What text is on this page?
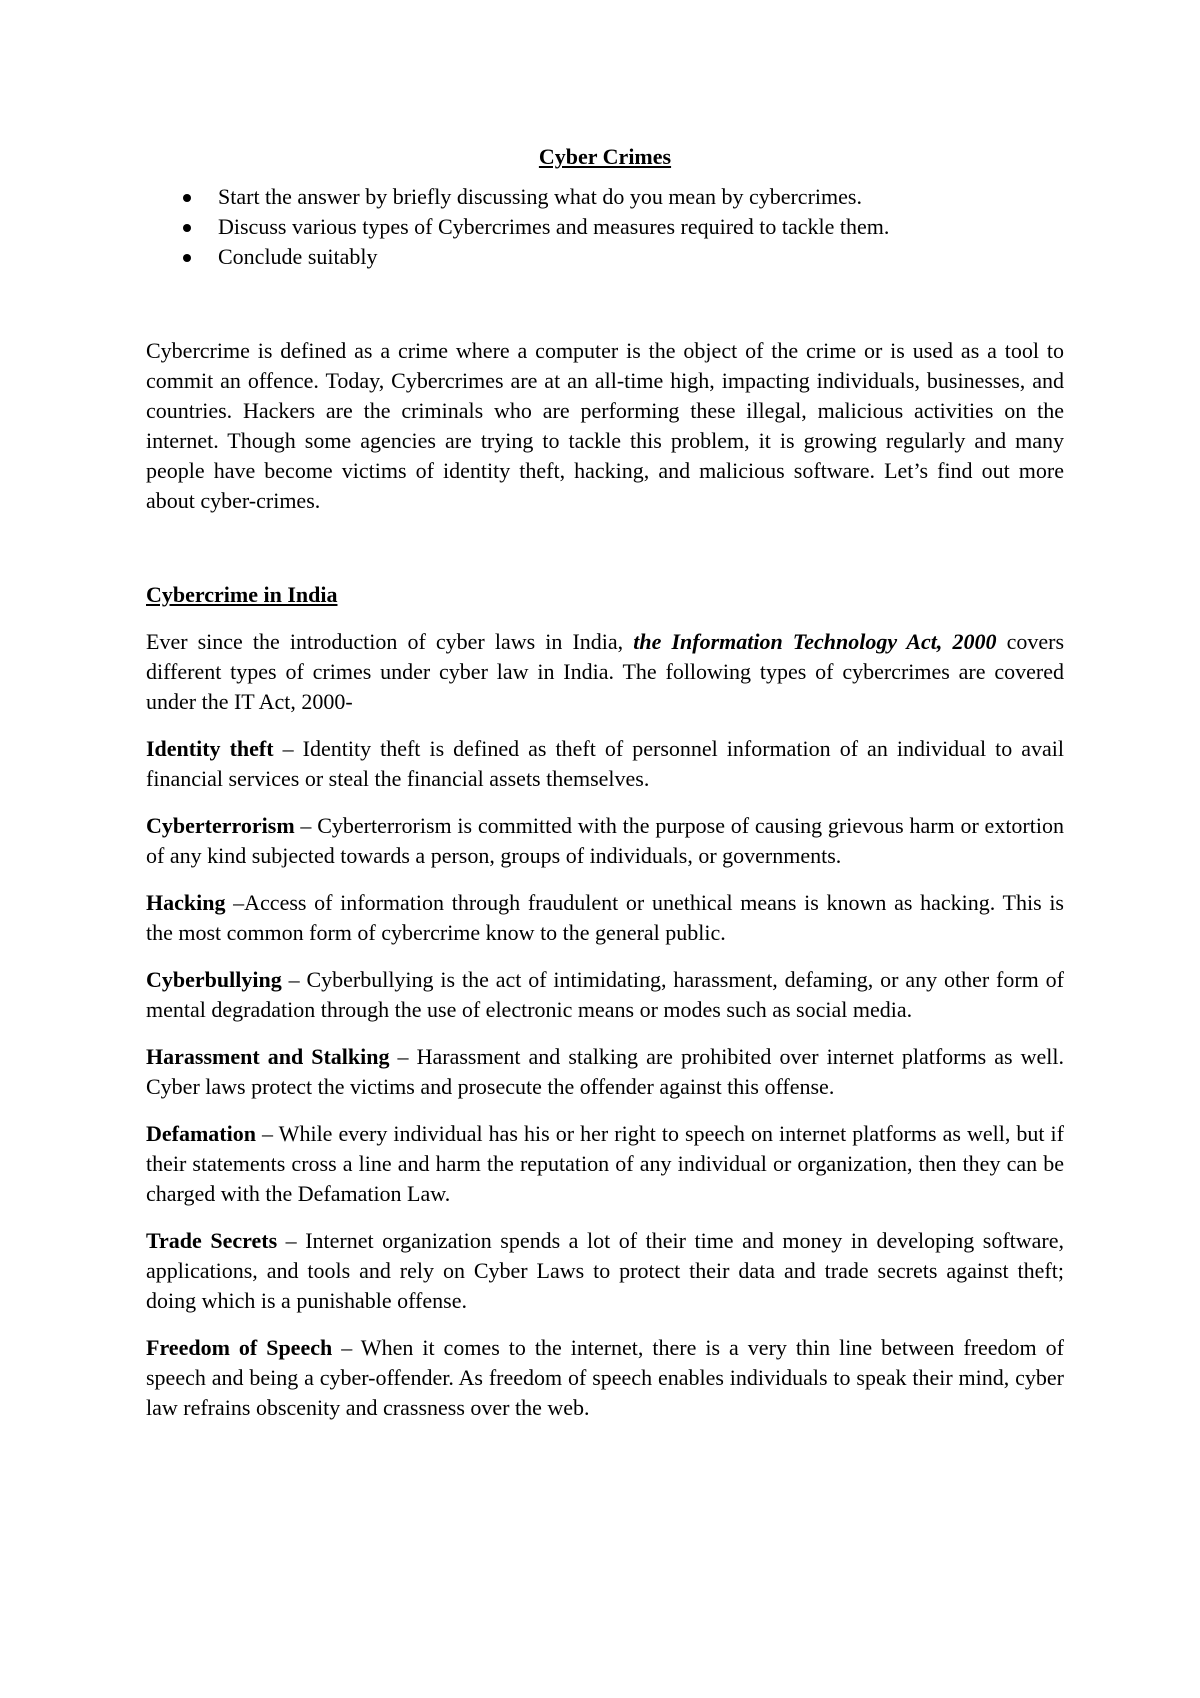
Cyber Crimes
Start the answer by briefly discussing what do you mean by cybercrimes.
Discuss various types of Cybercrimes and measures required to tackle them.
Conclude suitably
Cybercrime is defined as a crime where a computer is the object of the crime or is used as a tool to commit an offence. Today, Cybercrimes are at an all-time high, impacting individuals, businesses, and countries. Hackers are the criminals who are performing these illegal, malicious activities on the internet. Though some agencies are trying to tackle this problem, it is growing regularly and many people have become victims of identity theft, hacking, and malicious software. Let’s find out more about cyber-crimes.
Cybercrime in India

Ever since the introduction of cyber laws in India, the Information Technology Act, 2000 covers different types of crimes under cyber law in India. The following types of cybercrimes are covered under the IT Act, 2000-

Identity theft – Identity theft is defined as theft of personnel information of an individual to avail financial services or steal the financial assets themselves.

Cyberterrorism – Cyberterrorism is committed with the purpose of causing grievous harm or extortion of any kind subjected towards a person, groups of individuals, or governments.

Hacking –Access of information through fraudulent or unethical means is known as hacking. This is the most common form of cybercrime know to the general public.

Cyberbullying – Cyberbullying is the act of intimidating, harassment, defaming, or any other form of mental degradation through the use of electronic means or modes such as social media.

Harassment and Stalking – Harassment and stalking are prohibited over internet platforms as well. Cyber laws protect the victims and prosecute the offender against this offense.

Defamation – While every individual has his or her right to speech on internet platforms as well, but if their statements cross a line and harm the reputation of any individual or organization, then they can be charged with the Defamation Law.

Trade Secrets – Internet organization spends a lot of their time and money in developing software, applications, and tools and rely on Cyber Laws to protect their data and trade secrets against theft; doing which is a punishable offense.

Freedom of Speech – When it comes to the internet, there is a very thin line between freedom of speech and being a cyber-offender. As freedom of speech enables individuals to speak their mind, cyber law refrains obscenity and crassness over the web.
